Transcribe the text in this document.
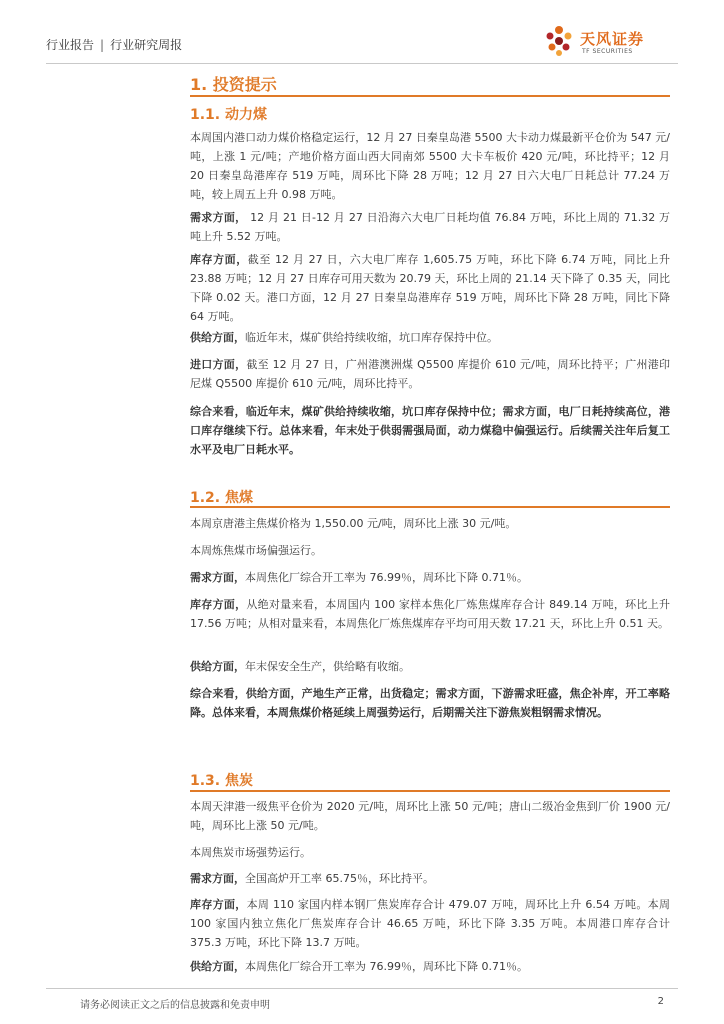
行业报告 | 行业研究周报	天风证券
TF SECURITIES
1. 投资提示
1.1. 动力煤
本周国内港口动力煤价格稳定运行，12 月 27 日秦皇岛港 5500 大卡动力煤最新平仓价为 547 元/吨，上涨 1 元/吨；产地价格方面山西大同南郊 5500 大卡车板价 420 元/吨，环比持平；12 月 20 日秦皇岛港库存 519 万吨，周环比下降 28 万吨；12 月 27 日六大电厂日耗总计 77.24 万吨，较上周五上升 0.98 万吨。
需求方面， 12 月 21 日-12 月 27 日沿海六大电厂日耗均值 76.84 万吨，环比上周的 71.32 万吨上升 5.52 万吨。
库存方面，截至 12 月 27 日，六大电厂库存 1,605.75 万吨，环比下降 6.74 万吨，同比上升 23.88 万吨；12 月 27 日库存可用天数为 20.79 天，环比上周的 21.14 天下降了 0.35 天，同比下降 0.02 天。港口方面，12 月 27 日秦皇岛港库存 519 万吨，周环比下降 28 万吨，同比下降 64 万吨。
供给方面，临近年末，煤矿供给持续收缩，坑口库存保持中位。
进口方面，截至 12 月 27 日，广州港澳洲煤 Q5500 库提价 610 元/吨，周环比持平；广州港印尼煤 Q5500 库提价 610 元/吨，周环比持平。
综合来看，临近年末，煤矿供给持续收缩，坑口库存保持中位；需求方面，电厂日耗持续高位，港口库存继续下行。总体来看，年末处于供弱需强局面，动力煤稳中偏强运行。后续需关注年后复工水平及电厂日耗水平。
1.2. 焦煤
本周京唐港主焦煤价格为 1,550.00 元/吨，周环比上涨 30 元/吨。
本周炼焦煤市场偏强运行。
需求方面，本周焦化厂综合开工率为 76.99％，周环比下降 0.71％。
库存方面，从绝对量来看，本周国内 100 家样本焦化厂炼焦煤库存合计 849.14 万吨，环比上升 17.56 万吨；从相对量来看，本周焦化厂炼焦煤库存平均可用天数 17.21 天，环比上升 0.51 天。
供给方面，年末保安全生产，供给略有收缩。
综合来看，供给方面，产地生产正常，出货稳定；需求方面，下游需求旺盛，焦企补库，开工率略降。总体来看，本周焦煤价格延续上周强势运行，后期需关注下游焦炭粗钢需求情况。
1.3. 焦炭
本周天津港一级焦平仓价为 2020 元/吨，周环比上涨 50 元/吨；唐山二级冶金焦到厂价 1900 元/吨，周环比上涨 50 元/吨。
本周焦炭市场强势运行。
需求方面，全国高炉开工率 65.75％，环比持平。
库存方面，本周 110 家国内样本钢厂焦炭库存合计 479.07 万吨，周环比上升 6.54 万吨。本周 100 家国内独立焦化厂焦炭库存合计 46.65 万吨，环比下降 3.35 万吨。本周港口库存合计 375.3 万吨，环比下降 13.7 万吨。
供给方面，本周焦化厂综合开工率为 76.99％，周环比下降 0.71％。
请务必阅读正文之后的信息披露和免责申明	2
